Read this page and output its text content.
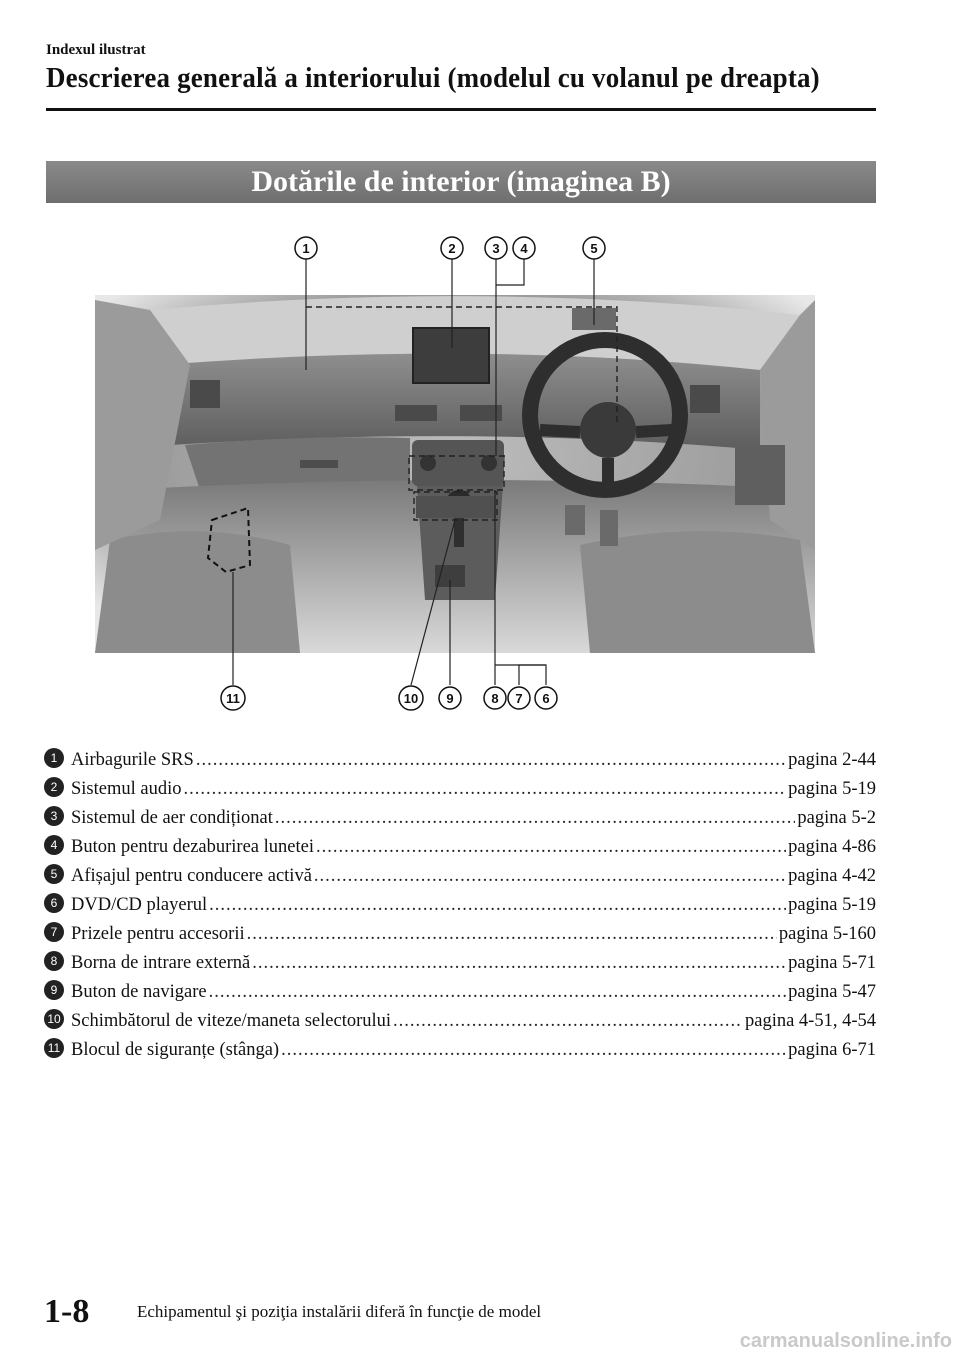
Indexul ilustrat
Descrierea generală a interiorului (modelul cu volanul pe dreapta)
Dotările de interior (imaginea B)
1	2	3 4	5
11	10 9	8 7 6
1 Airbagurile SRS .....	pagina 2-44
2 Sistemul audio .....	pagina 5-19
3 Sistemul de aer condiționat .....	pagina 5-2
4 Buton pentru dezaburirea lunetei .....	pagina 4-86
5 Afișajul pentru conducere activă .....	pagina 4-42
6 DVD/CD playerul .....	pagina 5-19
7 Prizele pentru accesorii .....	pagina 5-160
8 Borna de intrare externă .....	pagina 5-71
9 Buton de navigare .....	pagina 5-47
10 Schimbătorul de viteze/maneta selectorului .....	pagina 4-51, 4-54
11 Blocul de siguranțe (stânga) .....	pagina 6-71
1-8	Echipamentul şi poziţia instalării diferă în funcţie de model
carmanualsonline.info
